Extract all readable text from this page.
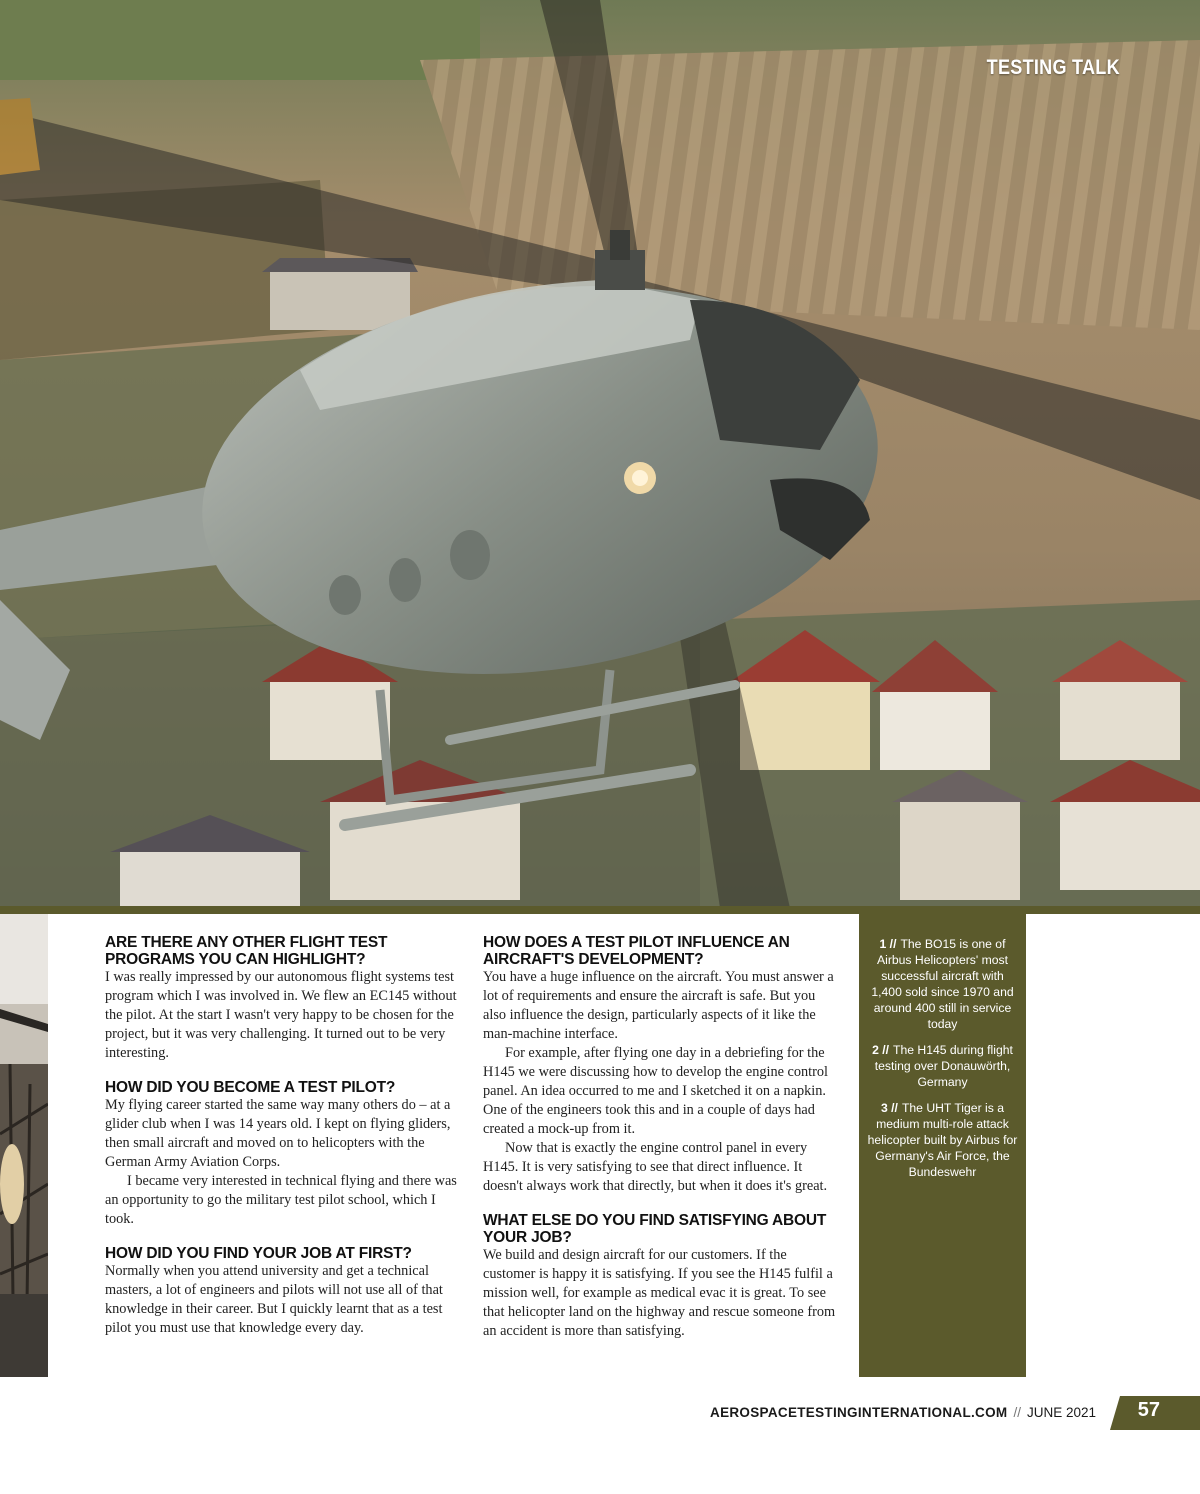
TESTING TALK
ARE THERE ANY OTHER FLIGHT TEST PROGRAMS YOU CAN HIGHLIGHT?

I was really impressed by our autonomous flight systems test program which I was involved in. We flew an EC145 without the pilot. At the start I wasn't very happy to be chosen for the project, but it was very challenging. It turned out to be very interesting.

HOW DID YOU BECOME A TEST PILOT?

My flying career started the same way many others do – at a glider club when I was 14 years old. I kept on flying gliders, then small aircraft and moved on to helicopters with the German Army Aviation Corps.

I became very interested in technical flying and there was an opportunity to go the military test pilot school, which I took.

HOW DID YOU FIND YOUR JOB AT FIRST?

Normally when you attend university and get a technical masters, a lot of engineers and pilots will not use all of that knowledge in their career. But I quickly learnt that as a test pilot you must use that knowledge every day.

HOW DOES A TEST PILOT INFLUENCE AN AIRCRAFT'S DEVELOPMENT?

You have a huge influence on the aircraft. You must answer a lot of requirements and ensure the aircraft is safe. But you also influence the design, particularly aspects of it like the man-machine interface.

For example, after flying one day in a debriefing for the H145 we were discussing how to develop the engine control panel. An idea occurred to me and I sketched it on a napkin. One of the engineers took this and in a couple of days had created a mock-up from it.

Now that is exactly the engine control panel in every H145. It is very satisfying to see that direct influence. It doesn't always work that directly, but when it does it's great.

WHAT ELSE DO YOU FIND SATISFYING ABOUT YOUR JOB?

We build and design aircraft for our customers. If the customer is happy it is satisfying. If you see the H145 fulfil a mission well, for example as medical evac it is great. To see that helicopter land on the highway and rescue someone from an accident is more than satisfying.

1 // The BO15 is one of Airbus Helicopters' most successful aircraft with 1,400 sold since 1970 and around 400 still in service today
2 // The H145 during flight testing over Donauwörth, Germany
3 // The UHT Tiger is a medium multi-role attack helicopter built by Airbus for Germany's Air Force, the Bundeswehr
AEROSPACETESTINGINTERNATIONAL.COM // JUNE 2021 57
